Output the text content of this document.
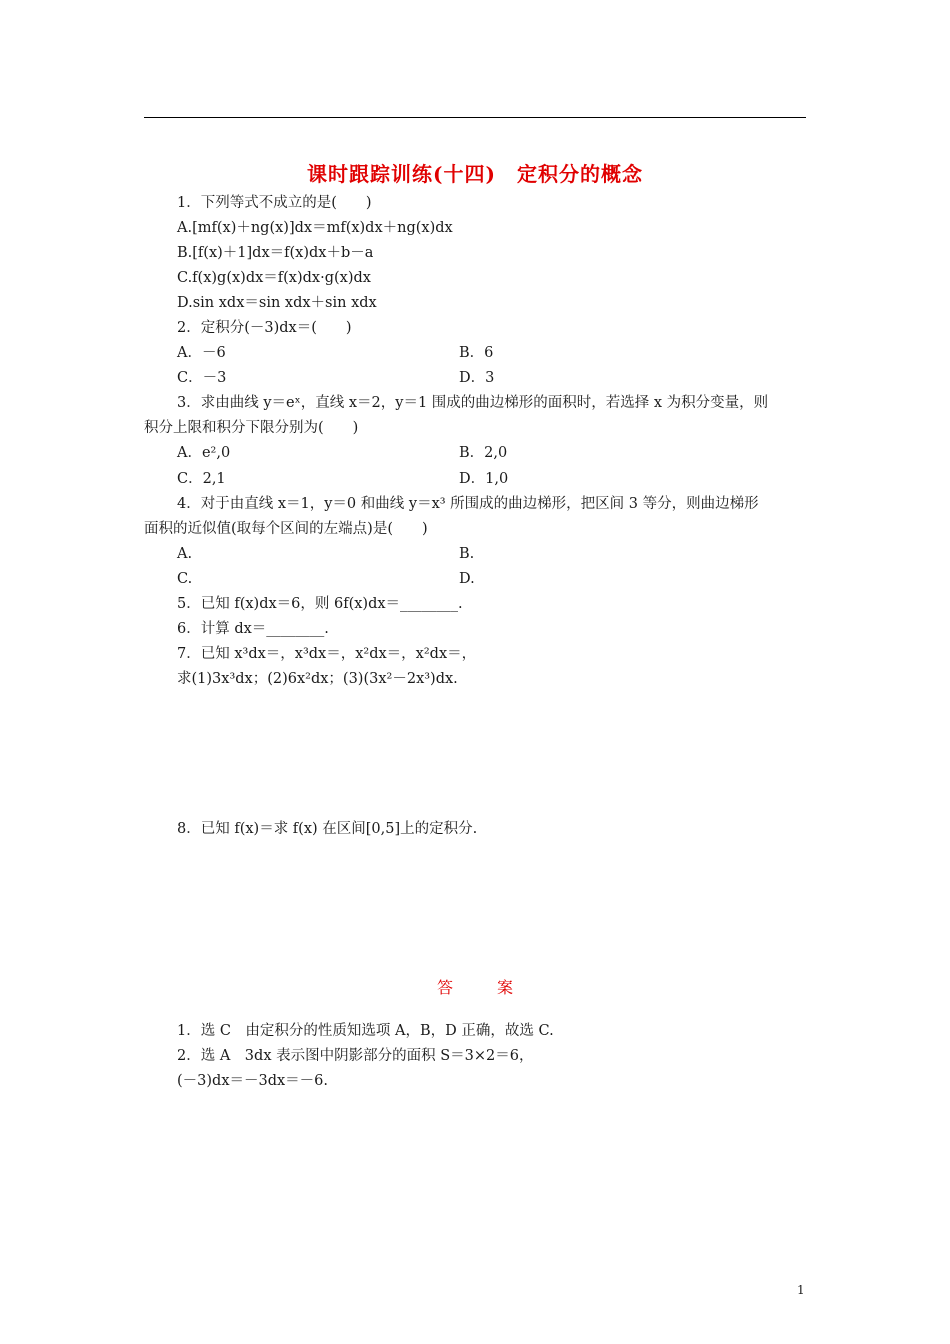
课时跟踪训练(十四)　定积分的概念
1．下列等式不成立的是(　　)
A.[mf(x)＋ng(x)]dx＝mf(x)dx＋ng(x)dx
B.[f(x)＋1]dx＝f(x)dx＋b－a
C.f(x)g(x)dx＝f(x)dx·g(x)dx
D.sin xdx＝sin xdx＋sin xdx
2．定积分(－3)dx＝(　　)
A．－6	B．6
C．－3	D．3
3．求由曲线 y＝eˣ，直线 x＝2，y＝1 围成的曲边梯形的面积时，若选择 x 为积分变量，则
积分上限和积分下限分别为(　　)
A．e²,0	B．2,0
C．2,1	D．1,0
4．对于由直线 x＝1，y＝0 和曲线 y＝x³ 所围成的曲边梯形，把区间 3 等分，则曲边梯形
面积的近似值(取每个区间的左端点)是(　　)
A.	B.
C.	D.
5．已知 f(x)dx＝6，则 6f(x)dx＝________.
6．计算 dx＝________.
7．已知 x³dx＝，x³dx＝，x²dx＝，x²dx＝，
求(1)3x³dx；(2)6x²dx；(3)(3x²－2x³)dx.
8．已知 f(x)＝求 f(x) 在区间[0,5]上的定积分.
答　案
1．选 C　由定积分的性质知选项 A，B，D 正确，故选 C.
2．选 A　3dx 表示图中阴影部分的面积 S＝3×2＝6，
(－3)dx＝－3dx＝－6.
1
